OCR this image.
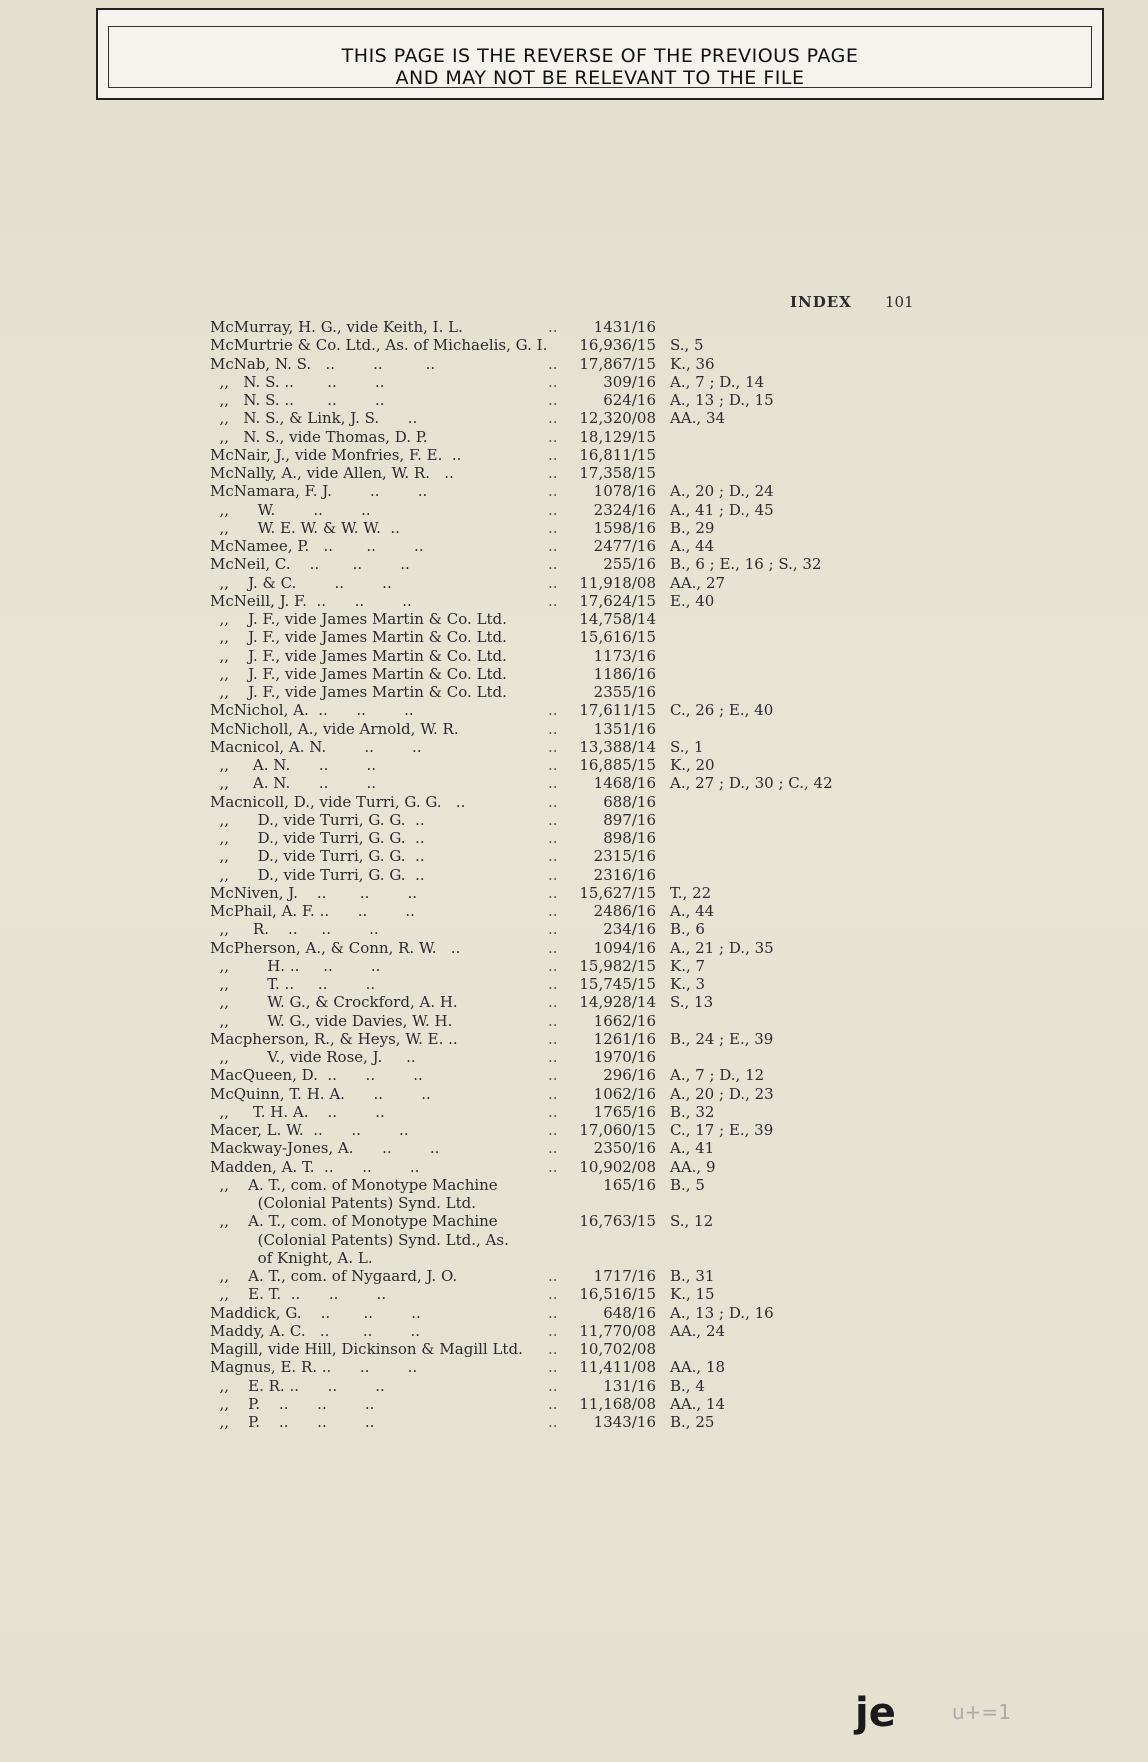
THIS PAGE IS THE REVERSE OF THE PREVIOUS PAGE
AND MAY NOT BE RELEVANT TO THE FILE
INDEX 101
McMurray, H. G., vide Keith, I. L.	..	1431/16
McMurtrie & Co. Ltd., As. of Michaelis, G. I.	16,936/15 S., 5
McNab, N. S.   ..        ..         ..	..	17,867/15 K., 36
,,   N. S. ..       ..        ..	..	309/16 A., 7 ; D., 14
,,   N. S. ..       ..        ..	..	624/16 A., 13 ; D., 15
,,   N. S., & Link, J. S.      ..	..	12,320/08 AA., 34
,,   N. S., vide Thomas, D. P.	..	18,129/15
McNair, J., vide Monfries, F. E.  ..	..	16,811/15
McNally, A., vide Allen, W. R.   ..	..	17,358/15
McNamara, F. J.        ..        ..	..	1078/16 A., 20 ; D., 24
,,      W.        ..        ..	..	2324/16 A., 41 ; D., 45
,,      W. E. W. & W. W.  ..	..	1598/16 B., 29
McNamee, P.   ..       ..        ..	..	2477/16 A., 44
McNeil, C.    ..       ..        ..	..	255/16 B., 6 ; E., 16 ; S., 32
,,    J. & C.        ..        ..	..	11,918/08 AA., 27
McNeill, J. F.  ..      ..        ..	..	17,624/15 E., 40
,,    J. F., vide James Martin & Co. Ltd.	14,758/14
,,    J. F., vide James Martin & Co. Ltd.	15,616/15
,,    J. F., vide James Martin & Co. Ltd.	1173/16
,,    J. F., vide James Martin & Co. Ltd.	1186/16
,,    J. F., vide James Martin & Co. Ltd.	2355/16
McNichol, A.  ..      ..        ..	..	17,611/15 C., 26 ; E., 40
McNicholl, A., vide Arnold, W. R.	..	1351/16
Macnicol, A. N.        ..        ..	..	13,388/14 S., 1
,,     A. N.      ..        ..	..	16,885/15 K., 20
,,     A. N.      ..        ..	..	1468/16 A., 27 ; D., 30 ; C., 42
Macnicoll, D., vide Turri, G. G.   ..	..	688/16
,,      D., vide Turri, G. G.  ..	..	897/16
,,      D., vide Turri, G. G.  ..	..	898/16
,,      D., vide Turri, G. G.  ..	..	2315/16
,,      D., vide Turri, G. G.  ..	..	2316/16
McNiven, J.    ..       ..        ..	..	15,627/15 T., 22
McPhail, A. F. ..      ..        ..	..	2486/16 A., 44
,,     R.    ..     ..        ..	..	234/16 B., 6
McPherson, A., & Conn, R. W.   ..	..	1094/16 A., 21 ; D., 35
,,        H. ..     ..        ..	..	15,982/15 K., 7
,,        T. ..     ..        ..	..	15,745/15 K., 3
,,        W. G., & Crockford, A. H.	..	14,928/14 S., 13
,,        W. G., vide Davies, W. H.	..	1662/16
Macpherson, R., & Heys, W. E. ..	..	1261/16 B., 24 ; E., 39
,,        V., vide Rose, J.     ..	..	1970/16
MacQueen, D.  ..      ..        ..	..	296/16 A., 7 ; D., 12
McQuinn, T. H. A.      ..        ..	..	1062/16 A., 20 ; D., 23
,,     T. H. A.    ..        ..	..	1765/16 B., 32
Macer, L. W.  ..      ..        ..	..	17,060/15 C., 17 ; E., 39
Mackway-Jones, A.      ..        ..	..	2350/16 A., 41
Madden, A. T.  ..      ..        ..	..	10,902/08 AA., 9
,,    A. T., com. of Monotype Machine	165/16 B., 5
(Colonial Patents) Synd. Ltd.
,,    A. T., com. of Monotype Machine	16,763/15 S., 12
(Colonial Patents) Synd. Ltd., As.
of Knight, A. L.
,,    A. T., com. of Nygaard, J. O.	..	1717/16 B., 31
,,    E. T.  ..      ..        ..	..	16,516/15 K., 15
Maddick, G.    ..       ..        ..	..	648/16 A., 13 ; D., 16
Maddy, A. C.   ..       ..        ..	..	11,770/08 AA., 24
Magill, vide Hill, Dickinson & Magill Ltd. ..	10,702/08
Magnus, E. R. ..      ..        ..	..	11,411/08 AA., 18
,,    E. R. ..      ..        ..	..	131/16 B., 4
,,    P.    ..      ..        ..	..	11,168/08 AA., 14
,,    P.    ..      ..        ..	..	1343/16 B., 25
je	u+=1
